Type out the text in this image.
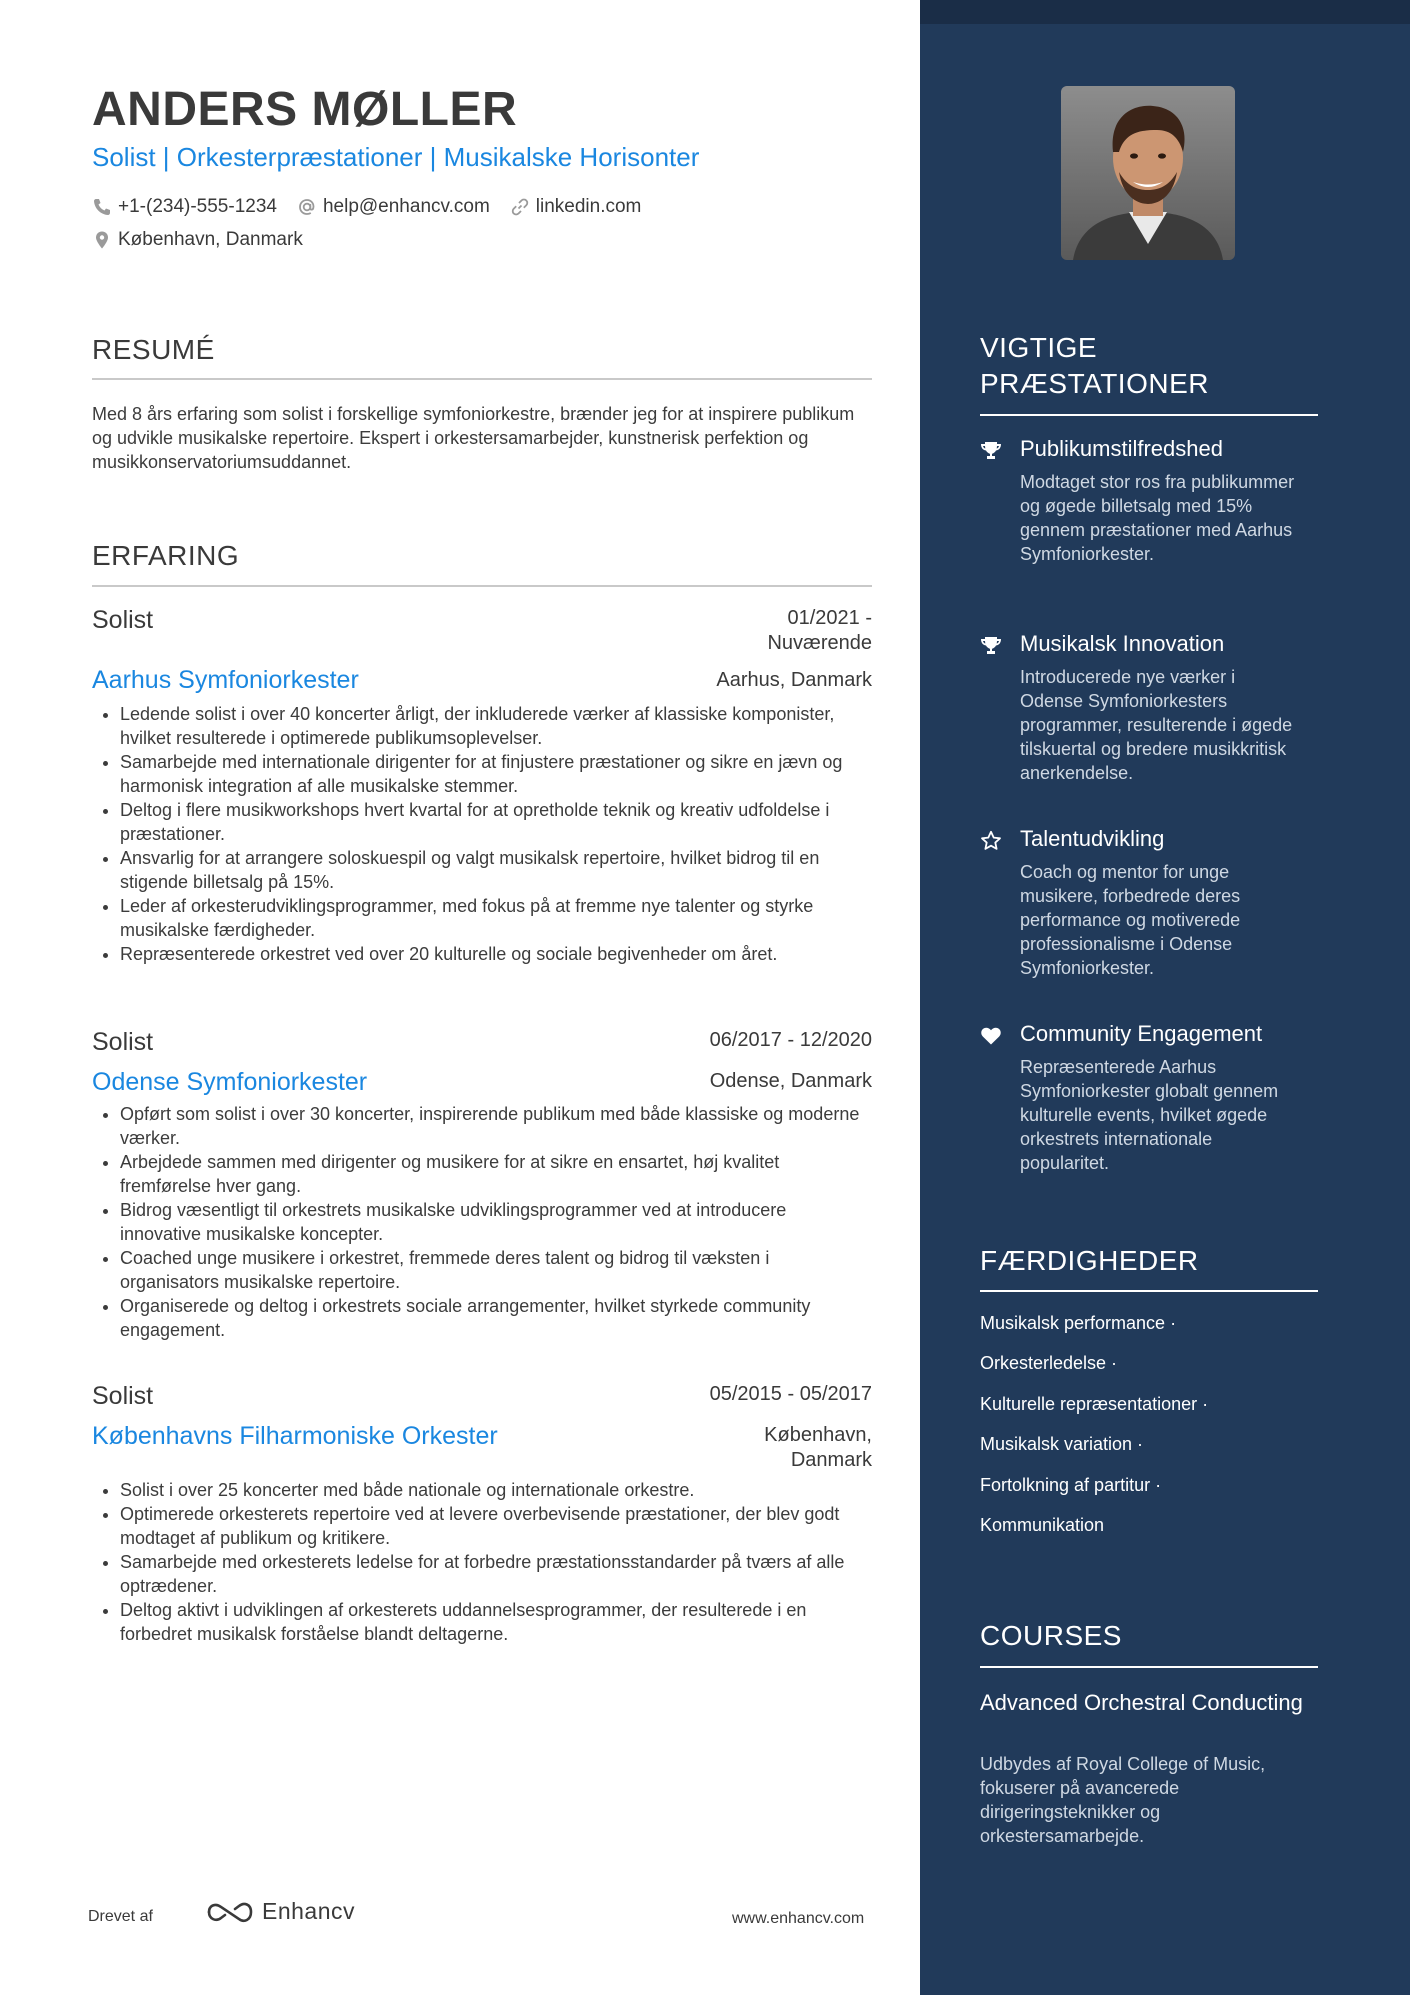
ANDERS MØLLER
Solist | Orkesterpræstationer | Musikalske Horisonter
+1-(234)-555-1234 help@enhancv.com linkedin.com
København, Danmark
RESUMÉ
Med 8 års erfaring som solist i forskellige symfoniorkestre, brænder jeg for at inspirere publikum og udvikle musikalske repertoire. Ekspert i orkestersamarbejder, kunstnerisk perfektion og musikkonservatoriumsuddannet.
ERFARING
Solist	01/2021 -
Nuværende
Aarhus Symfoniorkester	Aarhus, Danmark
• Ledende solist i over 40 koncerter årligt, der inkluderede værker af klassiske komponister, hvilket resulterede i optimerede publikumsoplevelser.
• Samarbejde med internationale dirigenter for at finjustere præstationer og sikre en jævn og harmonisk integration af alle musikalske stemmer.
• Deltog i flere musikworkshops hvert kvartal for at opretholde teknik og kreativ udfoldelse i præstationer.
• Ansvarlig for at arrangere soloskuespil og valgt musikalsk repertoire, hvilket bidrog til en stigende billetsalg på 15%.
• Leder af orkesterudviklingsprogrammer, med fokus på at fremme nye talenter og styrke musikalske færdigheder.
• Repræsenterede orkestret ved over 20 kulturelle og sociale begivenheder om året.
Solist	06/2017 - 12/2020
Odense Symfoniorkester	Odense, Danmark
• Opført som solist i over 30 koncerter, inspirerende publikum med både klassiske og moderne værker.
• Arbejdede sammen med dirigenter og musikere for at sikre en ensartet, høj kvalitet fremførelse hver gang.
• Bidrog væsentligt til orkestrets musikalske udviklingsprogrammer ved at introducere innovative musikalske koncepter.
• Coached unge musikere i orkestret, fremmede deres talent og bidrog til væksten i organisators musikalske repertoire.
• Organiserede og deltog i orkestrets sociale arrangementer, hvilket styrkede community engagement.
Solist	05/2015 - 05/2017
Københavns Filharmoniske Orkester	København,
Danmark
• Solist i over 25 koncerter med både nationale og internationale orkestre.
• Optimerede orkesterets repertoire ved at levere overbevisende præstationer, der blev godt modtaget af publikum og kritikere.
• Samarbejde med orkesterets ledelse for at forbedre præstationsstandarder på tværs af alle optrædener.
• Deltog aktivt i udviklingen af orkesterets uddannelsesprogrammer, der resulterede i en forbedret musikalsk forståelse blandt deltagerne.
Drevet af	Enhancv	www.enhancv.com
VIGTIGE
PRÆSTATIONER
Publikumstilfredshed
Modtaget stor ros fra publikummer og øgede billetsalg med 15% gennem præstationer med Aarhus Symfoniorkester.
Musikalsk Innovation
Introducerede nye værker i Odense Symfoniorkesters programmer, resulterende i øgede tilskuertal og bredere musikkritisk anerkendelse.
Talentudvikling
Coach og mentor for unge musikere, forbedrede deres performance og motiverede professionalisme i Odense Symfoniorkester.
Community Engagement
Repræsenterede Aarhus Symfoniorkester globalt gennem kulturelle events, hvilket øgede orkestrets internationale popularitet.
FÆRDIGHEDER
Musikalsk performance ·
Orkesterledelse ·
Kulturelle repræsentationer ·
Musikalsk variation ·
Fortolkning af partitur ·
Kommunikation
COURSES
Advanced Orchestral Conducting
Udbydes af Royal College of Music, fokuserer på avancerede dirigeringsteknikker og orkestersamarbejde.
